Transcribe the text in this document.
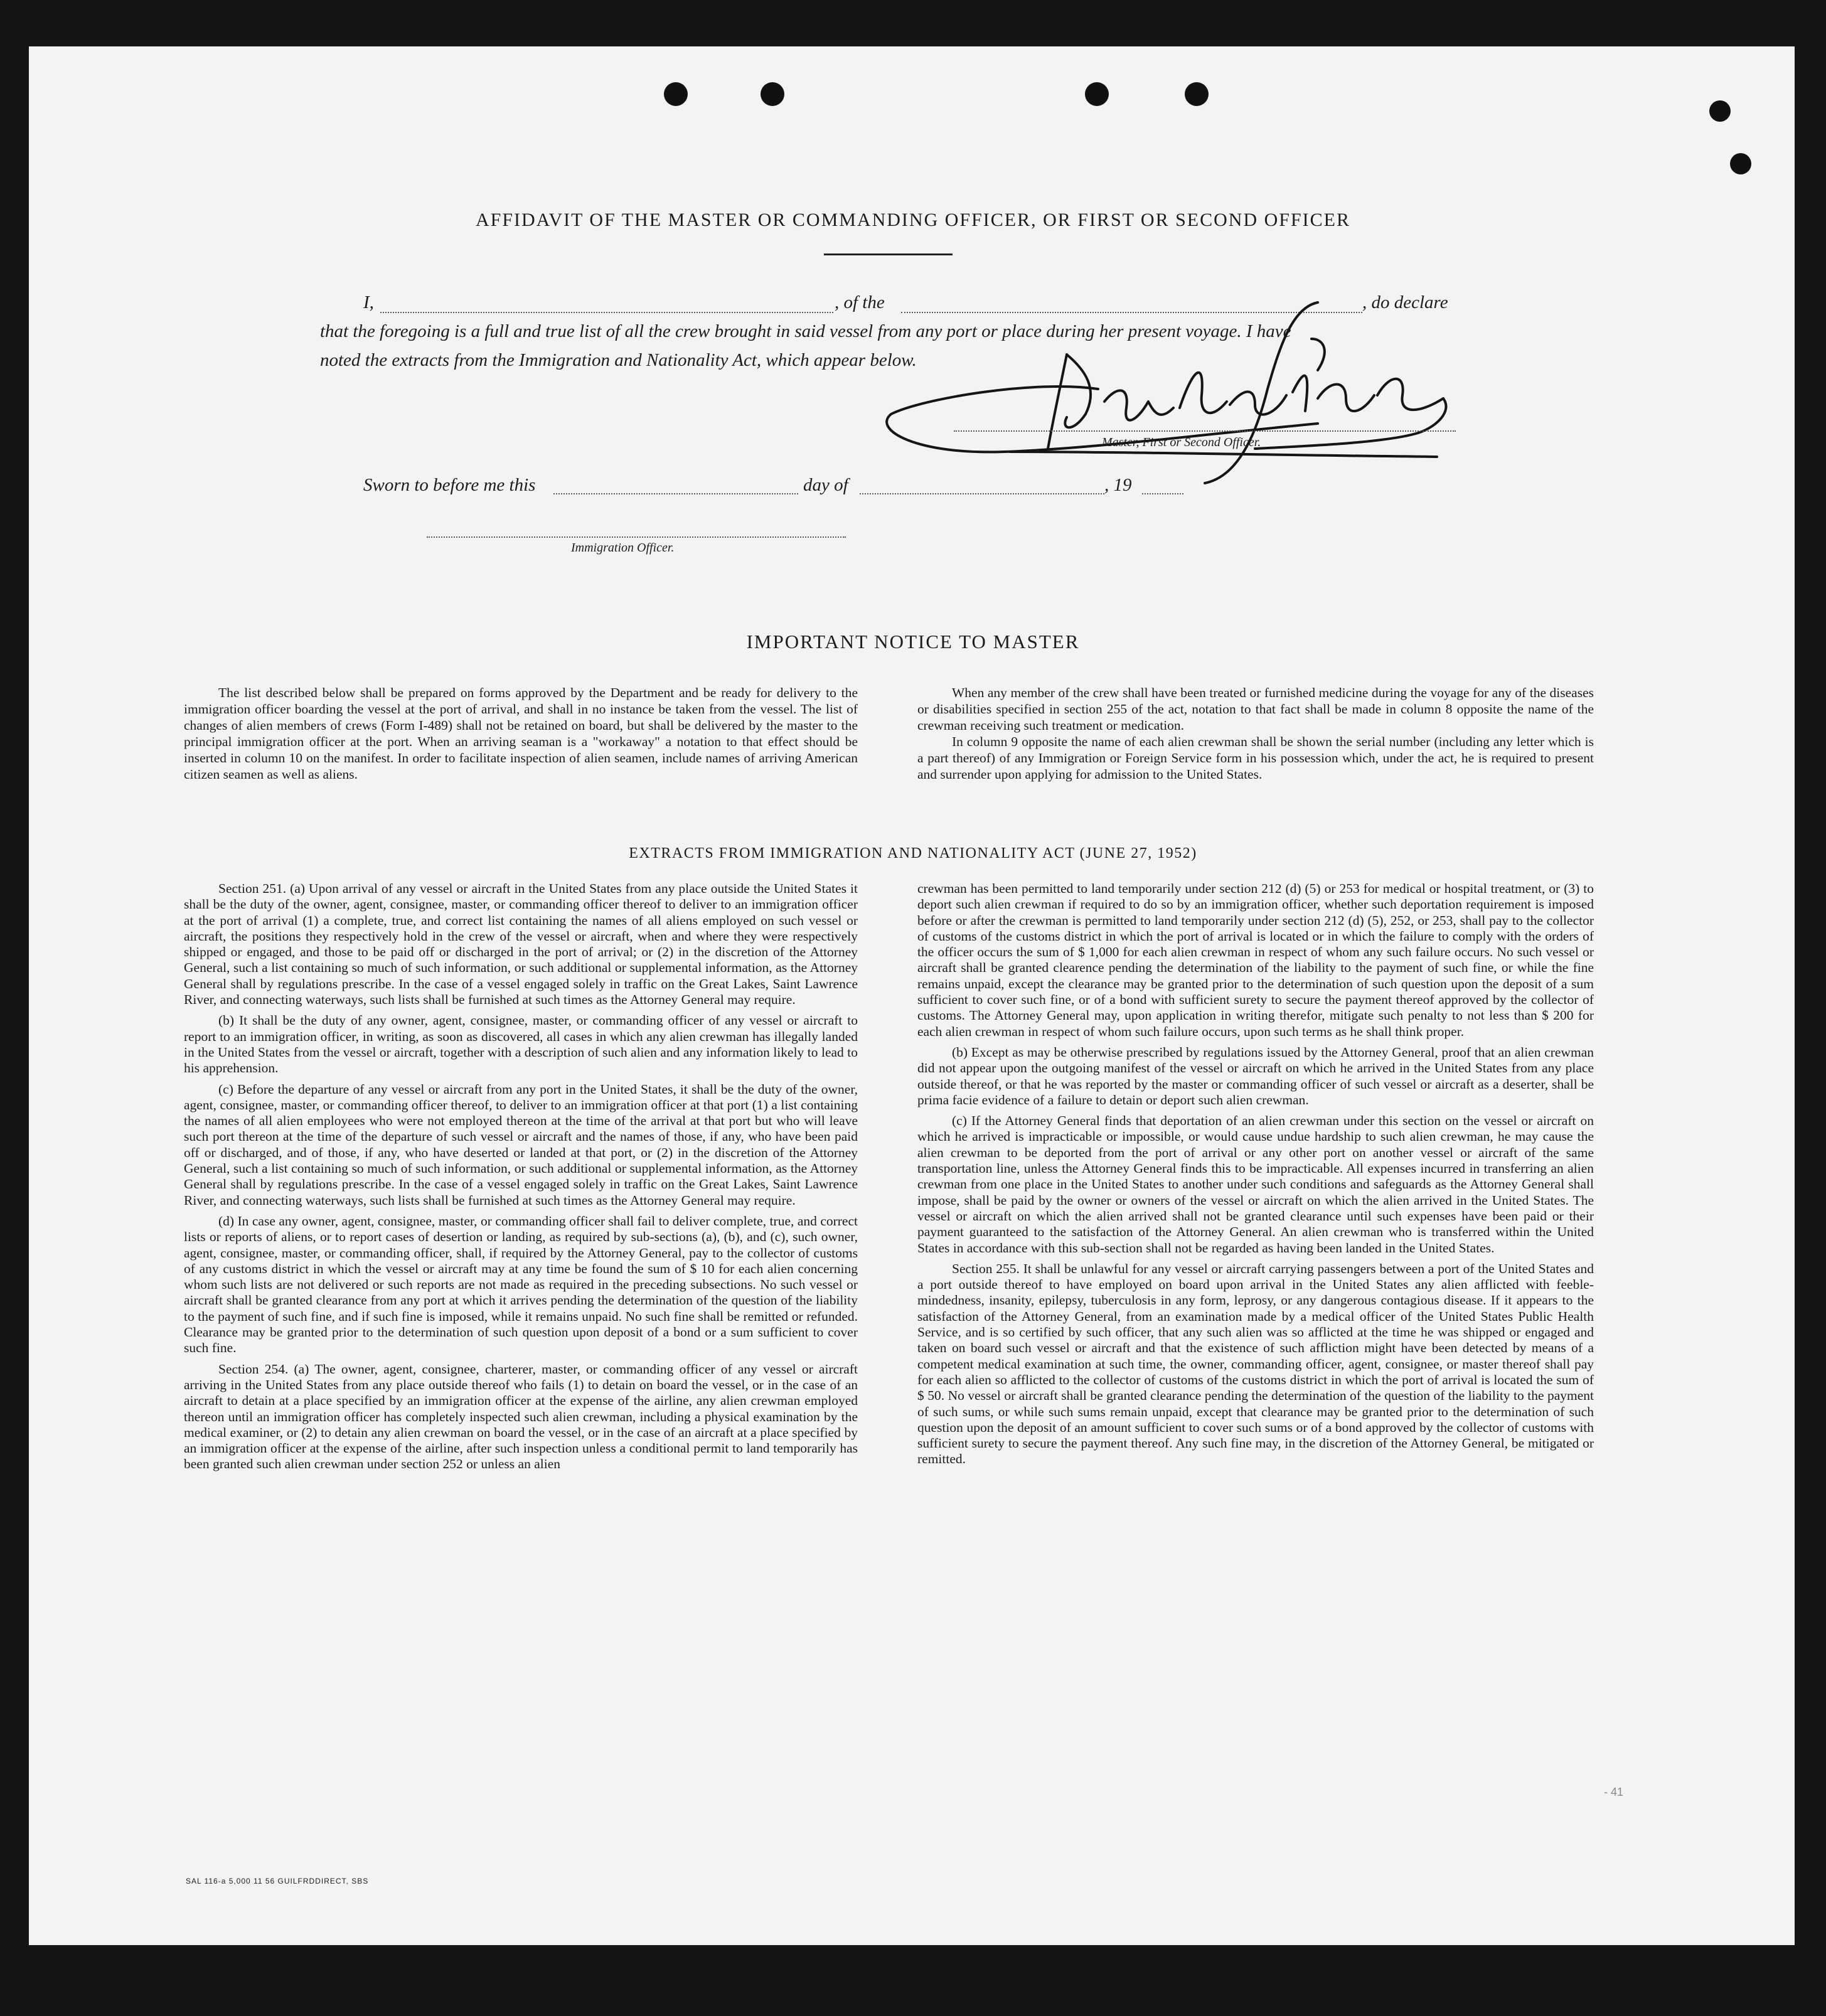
AFFIDAVIT OF THE MASTER OR COMMANDING OFFICER, OR FIRST OR SECOND OFFICER
I,	, of the	, do declare
that the foregoing is a full and true list of all the crew brought in said vessel from any port or place during her present voyage. I have
noted the extracts from the Immigration and Nationality Act, which appear below.
Master, First or Second Officer.
Sworn to before me this	day of	, 19
Immigration Officer.
IMPORTANT NOTICE TO MASTER

The list described below shall be prepared on forms approved by the Department and be ready for delivery to the immigration officer boarding the vessel at the port of arrival, and shall in no instance be taken from the vessel. The list of changes of alien members of crews (Form I-489) shall not be retained on board, but shall be delivered by the master to the principal immigration officer at the port. When an arriving seaman is a "workaway" a notation to that effect should be inserted in column 10 on the manifest. In order to facilitate inspection of alien seamen, include names of arriving American citizen seamen as well as aliens.

When any member of the crew shall have been treated or furnished medicine during the voyage for any of the diseases or disabilities specified in section 255 of the act, notation to that fact shall be made in column 8 opposite the name of the crewman receiving such treatment or medication.

In column 9 opposite the name of each alien crewman shall be shown the serial number (including any letter which is a part thereof) of any Immigration or Foreign Service form in his possession which, under the act, he is required to present and surrender upon applying for admission to the United States.

EXTRACTS FROM IMMIGRATION AND NATIONALITY ACT (JUNE 27, 1952)

Section 251. (a) Upon arrival of any vessel or aircraft in the United States from any place outside the United States it shall be the duty of the owner, agent, consignee, master, or commanding officer thereof to deliver to an immigration officer at the port of arrival (1) a complete, true, and correct list containing the names of all aliens employed on such vessel or aircraft, the positions they respectively hold in the crew of the vessel or aircraft, when and where they were respectively shipped or engaged, and those to be paid off or discharged in the port of arrival; or (2) in the discretion of the Attorney General, such a list containing so much of such information, or such additional or supplemental information, as the Attorney General shall by regulations prescribe. In the case of a vessel engaged solely in traffic on the Great Lakes, Saint Lawrence River, and connecting waterways, such lists shall be furnished at such times as the Attorney General may require.

(b) It shall be the duty of any owner, agent, consignee, master, or commanding officer of any vessel or aircraft to report to an immigration officer, in writing, as soon as discovered, all cases in which any alien crewman has illegally landed in the United States from the vessel or aircraft, together with a description of such alien and any information likely to lead to his apprehension.

(c) Before the departure of any vessel or aircraft from any port in the United States, it shall be the duty of the owner, agent, consignee, master, or commanding officer thereof, to deliver to an immigration officer at that port (1) a list containing the names of all alien employees who were not employed thereon at the time of the arrival at that port but who will leave such port thereon at the time of the departure of such vessel or aircraft and the names of those, if any, who have been paid off or discharged, and of those, if any, who have deserted or landed at that port, or (2) in the discretion of the Attorney General, such a list containing so much of such information, or such additional or supplemental information, as the Attorney General shall by regulations prescribe. In the case of a vessel engaged solely in traffic on the Great Lakes, Saint Lawrence River, and connecting waterways, such lists shall be furnished at such times as the Attorney General may require.

(d) In case any owner, agent, consignee, master, or commanding officer shall fail to deliver complete, true, and correct lists or reports of aliens, or to report cases of desertion or landing, as required by sub-sections (a), (b), and (c), such owner, agent, consignee, master, or commanding officer, shall, if required by the Attorney General, pay to the collector of customs of any customs district in which the vessel or aircraft may at any time be found the sum of $ 10 for each alien concerning whom such lists are not delivered or such reports are not made as required in the preceding subsections. No such vessel or aircraft shall be granted clearance from any port at which it arrives pending the determination of the question of the liability to the payment of such fine, and if such fine is imposed, while it remains unpaid. No such fine shall be remitted or refunded. Clearance may be granted prior to the determination of such question upon deposit of a bond or a sum sufficient to cover such fine.

Section 254. (a) The owner, agent, consignee, charterer, master, or commanding officer of any vessel or aircraft arriving in the United States from any place outside thereof who fails (1) to detain on board the vessel, or in the case of an aircraft to detain at a place specified by an immigration officer at the expense of the airline, any alien crewman employed thereon until an immigration officer has completely inspected such alien crewman, including a physical examination by the medical examiner, or (2) to detain any alien crewman on board the vessel, or in the case of an aircraft at a place specified by an immigration officer at the expense of the airline, after such inspection unless a conditional permit to land temporarily has been granted such alien crewman under section 252 or unless an alien

crewman has been permitted to land temporarily under section 212 (d) (5) or 253 for medical or hospital treatment, or (3) to deport such alien crewman if required to do so by an immigration officer, whether such deportation requirement is imposed before or after the crewman is permitted to land temporarily under section 212 (d) (5), 252, or 253, shall pay to the collector of customs of the customs district in which the port of arrival is located or in which the failure to comply with the orders of the officer occurs the sum of $ 1,000 for each alien crewman in respect of whom any such failure occurs. No such vessel or aircraft shall be granted clearence pending the determination of the liability to the payment of such fine, or while the fine remains unpaid, except the clearance may be granted prior to the determination of such question upon the deposit of a sum sufficient to cover such fine, or of a bond with sufficient surety to secure the payment thereof approved by the collector of customs. The Attorney General may, upon application in writing therefor, mitigate such penalty to not less than $ 200 for each alien crewman in respect of whom such failure occurs, upon such terms as he shall think proper.

(b) Except as may be otherwise prescribed by regulations issued by the Attorney General, proof that an alien crewman did not appear upon the outgoing manifest of the vessel or aircraft on which he arrived in the United States from any place outside thereof, or that he was reported by the master or commanding officer of such vessel or aircraft as a deserter, shall be prima facie evidence of a failure to detain or deport such alien crewman.

(c) If the Attorney General finds that deportation of an alien crewman under this section on the vessel or aircraft on which he arrived is impracticable or impossible, or would cause undue hardship to such alien crewman, he may cause the alien crewman to be deported from the port of arrival or any other port on another vessel or aircraft of the same transportation line, unless the Attorney General finds this to be impracticable. All expenses incurred in transferring an alien crewman from one place in the United States to another under such conditions and safeguards as the Attorney General shall impose, shall be paid by the owner or owners of the vessel or aircraft on which the alien arrived in the United States. The vessel or aircraft on which the alien arrived shall not be granted clearance until such expenses have been paid or their payment guaranteed to the satisfaction of the Attorney General. An alien crewman who is transferred within the United States in accordance with this sub-section shall not be regarded as having been landed in the United States.

Section 255. It shall be unlawful for any vessel or aircraft carrying passengers between a port of the United States and a port outside thereof to have employed on board upon arrival in the United States any alien afflicted with feeble-mindedness, insanity, epilepsy, tuberculosis in any form, leprosy, or any dangerous contagious disease. If it appears to the satisfaction of the Attorney General, from an examination made by a medical officer of the United States Public Health Service, and is so certified by such officer, that any such alien was so afflicted at the time he was shipped or engaged and taken on board such vessel or aircraft and that the existence of such affliction might have been detected by means of a competent medical examination at such time, the owner, commanding officer, agent, consignee, or master thereof shall pay for each alien so afflicted to the collector of customs of the customs district in which the port of arrival is located the sum of $ 50. No vessel or aircraft shall be granted clearance pending the determination of the question of the liability to the payment of such sums, or while such sums remain unpaid, except that clearance may be granted prior to the determination of such question upon the deposit of an amount sufficient to cover such sums or of a bond approved by the collector of customs with sufficient surety to secure the payment thereof. Any such fine may, in the discretion of the Attorney General, be mitigated or remitted.

SAL 116-a 5,000 11 56 GUILFRDDIRECT, SBS
- 41
